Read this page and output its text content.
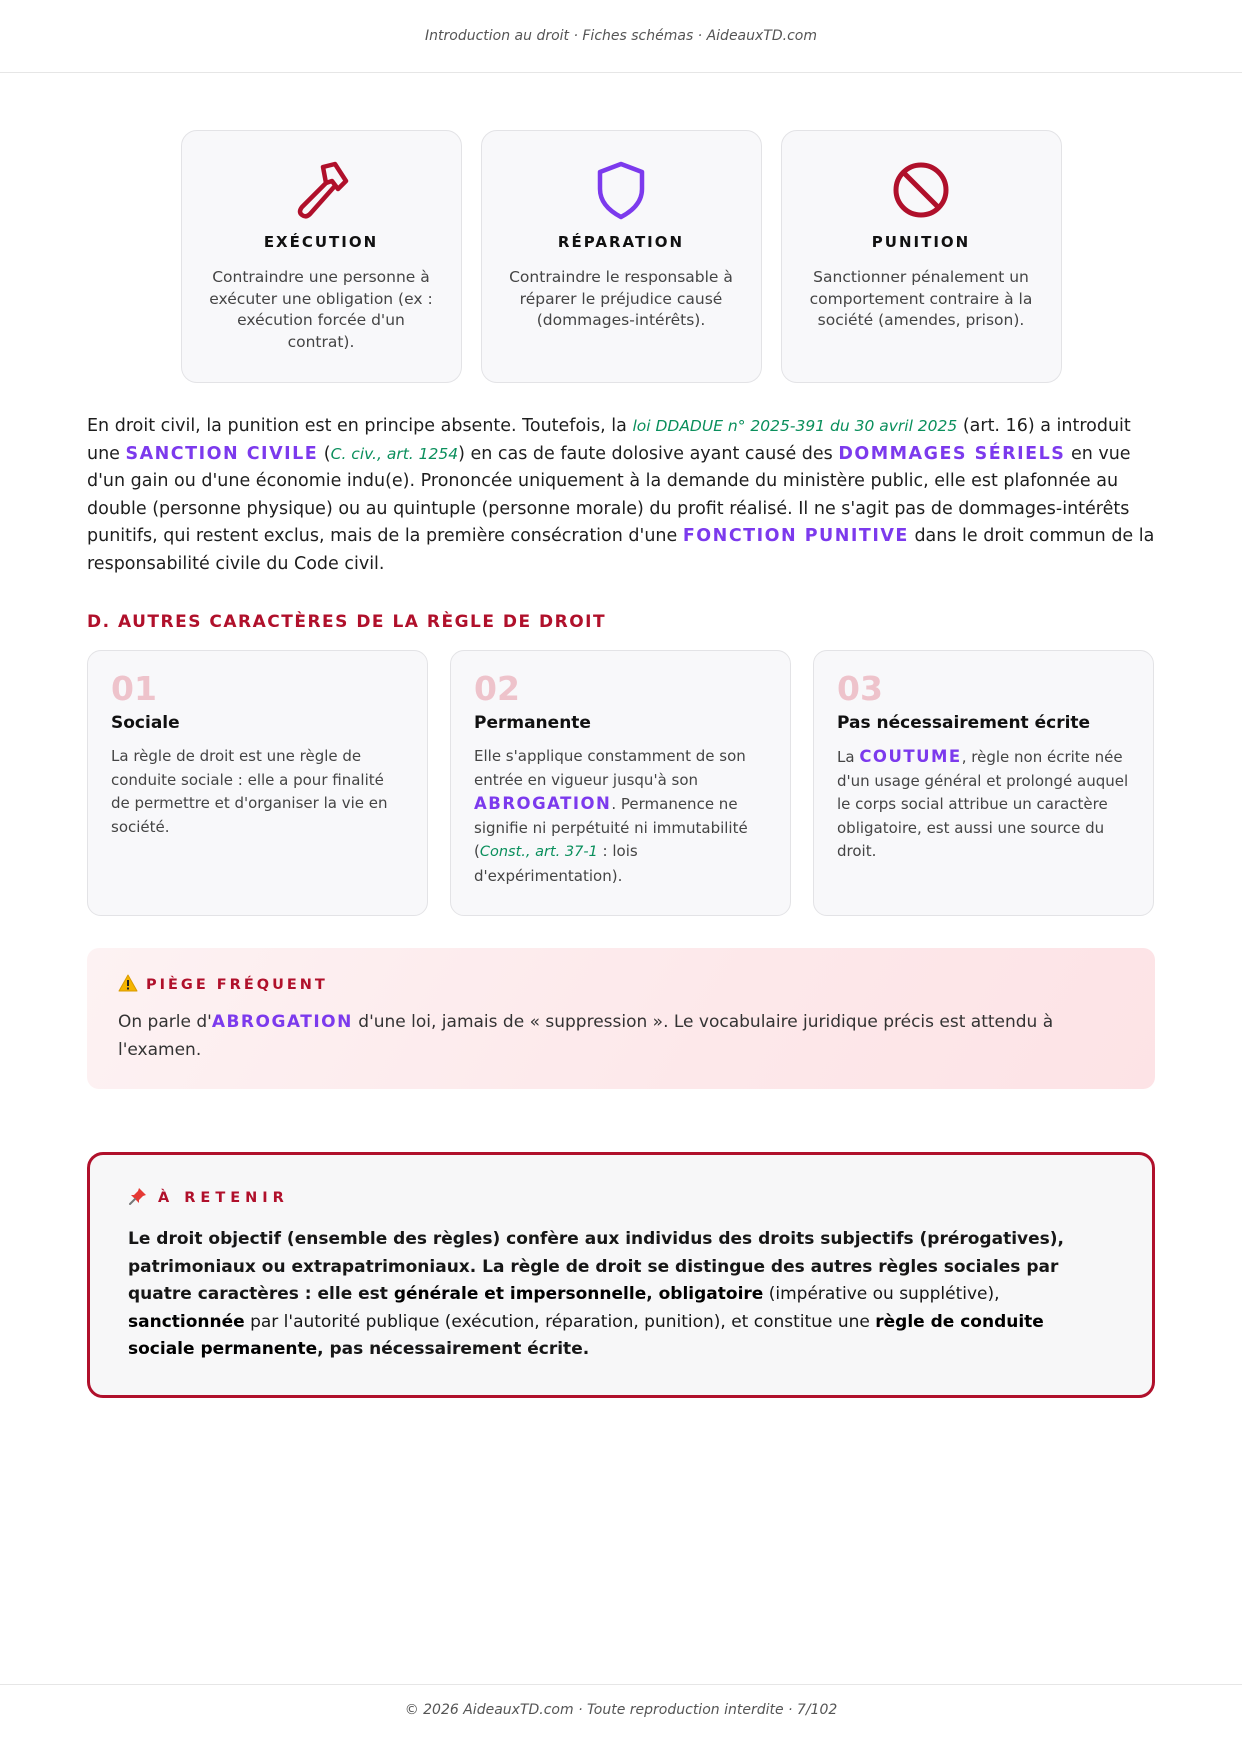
Introduction au droit · Fiches schémas · AideauxTD.com
EXÉCUTION
Contraindre une personne à exécuter une obligation (ex : exécution forcée d'un contrat).
RÉPARATION
Contraindre le responsable à réparer le préjudice causé (dommages-intérêts).
PUNITION
Sanctionner pénalement un comportement contraire à la société (amendes, prison).

En droit civil, la punition est en principe absente. Toutefois, la loi DDADUE n° 2025-391 du 30 avril 2025 (art. 16) a introduit une SANCTION CIVILE (C. civ., art. 1254) en cas de faute dolosive ayant causé des DOMMAGES SÉRIELS en vue d'un gain ou d'une économie indu(e). Prononcée uniquement à la demande du ministère public, elle est plafonnée au double (personne physique) ou au quintuple (personne morale) du profit réalisé. Il ne s'agit pas de dommages-intérêts punitifs, qui restent exclus, mais de la première consécration d'une FONCTION PUNITIVE dans le droit commun de la responsabilité civile du Code civil.

D. AUTRES CARACTÈRES DE LA RÈGLE DE DROIT
01
Sociale
La règle de droit est une règle de conduite sociale : elle a pour finalité de permettre et d'organiser la vie en société.
02
Permanente
Elle s'applique constamment de son entrée en vigueur jusqu'à son ABROGATION. Permanence ne signifie ni perpétuité ni immutabilité (Const., art. 37-1 : lois d'expérimentation).
03
Pas nécessairement écrite
La COUTUME, règle non écrite née d'un usage général et prolongé auquel le corps social attribue un caractère obligatoire, est aussi une source du droit.
PIÈGE FRÉQUENT
On parle d'ABROGATION d'une loi, jamais de « suppression ». Le vocabulaire juridique précis est attendu à l'examen.
À RETENIR
Le droit objectif (ensemble des règles) confère aux individus des droits subjectifs (prérogatives), patrimoniaux ou extrapatrimoniaux. La règle de droit se distingue des autres règles sociales par quatre caractères : elle est générale et impersonnelle, obligatoire (impérative ou supplétive), sanctionnée par l'autorité publique (exécution, réparation, punition), et constitue une règle de conduite sociale permanente, pas nécessairement écrite.
© 2026 AideauxTD.com · Toute reproduction interdite · 7/102
